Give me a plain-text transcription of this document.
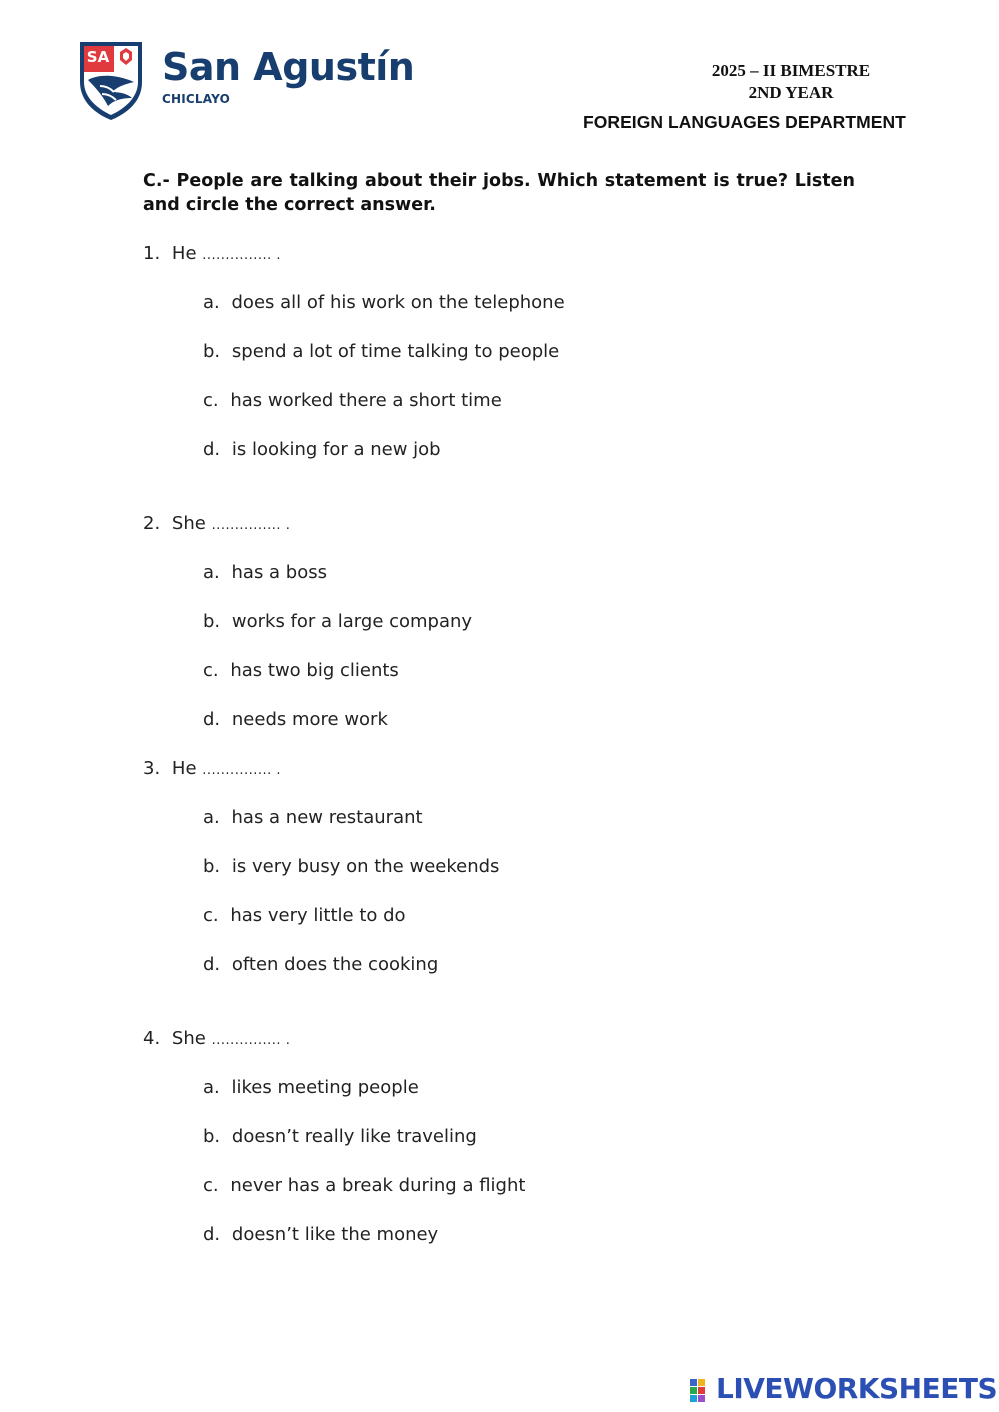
SA San Agustín
CHICLAYO
2025 – II BIMESTRE
2ND YEAR
FOREIGN LANGUAGES DEPARTMENT
C.- People are talking about their jobs. Which statement is true? Listen and circle the correct answer.
1. He ............... .
a. does all of his work on the telephone
b. spend a lot of time talking to people
c. has worked there a short time
d. is looking for a new job
2. She ............... .
a. has a boss
b. works for a large company
c. has two big clients
d. needs more work
3. He ............... .
a. has a new restaurant
b. is very busy on the weekends
c. has very little to do
d. often does the cooking
4. She ............... .
a. likes meeting people
b. doesn’t really like traveling
c. never has a break during a flight
d. doesn’t like the money
LIVEWORKSHEETS
